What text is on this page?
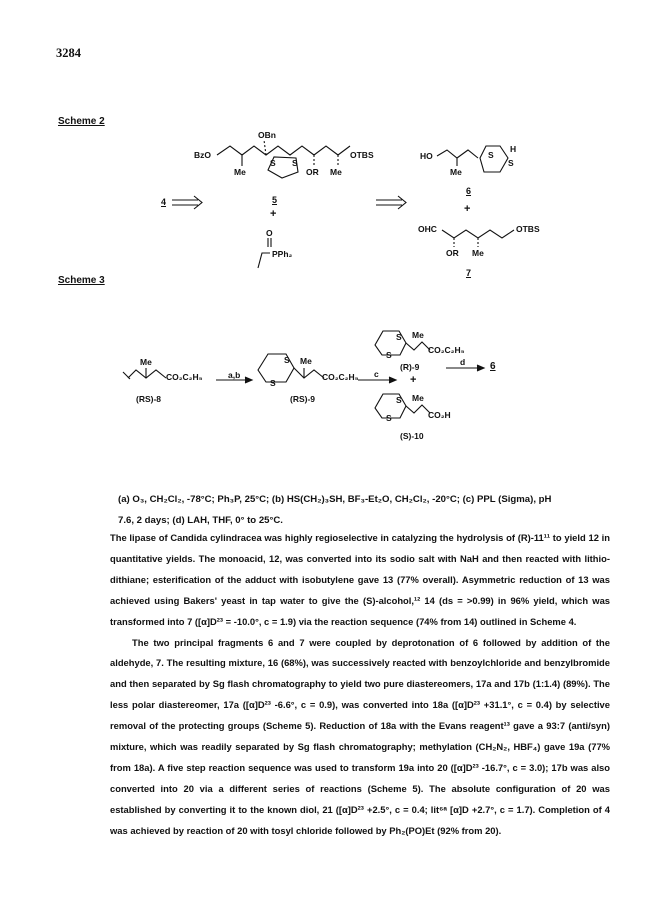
3284
Scheme 2
BzO
OBn
Me
S S
OR Me
OTBS
4	5
+
O
PPh₂
HO
H
S
S
Me
6
+
OHC	OTBS
OR Me
7
Scheme 3
Me
CO₂C₂H₅
(RS)-8
a,b
S
S
Me
CO₂C₂H₅
(RS)-9
c
S
S
Me
CO₂C₂H₅
(R)-9
+
S
S
Me
CO₂H
(S)-10
d 6
(a) O₃, CH₂Cl₂, -78°C; Ph₃P, 25°C; (b) HS(CH₂)₃SH, BF₃-Et₂O, CH₂Cl₂, -20°C; (c) PPL (Sigma), pH
7.6, 2 days; (d) LAH, THF, 0° to 25°C.

The lipase of Candida cylindracea was highly regioselective in catalyzing the hydrolysis of (R)-11¹¹ to yield 12 in quantitative yields. The monoacid, 12, was converted into its sodio salt with NaH and then reacted with lithio-dithiane; esterification of the adduct with isobutylene gave 13 (77% overall). Asymmetric reduction of 13 was achieved using Bakers' yeast in tap water to give the (S)-alcohol,¹² 14 (ds = >0.99) in 96% yield, which was transformed into 7 ([α]D²³ = -10.0°, c = 1.9) via the reaction sequence (74% from 14) outlined in Scheme 4.

The two principal fragments 6 and 7 were coupled by deprotonation of 6 followed by addition of the aldehyde, 7. The resulting mixture, 16 (68%), was successively reacted with benzoylchloride and benzylbromide and then separated by Sg flash chromatography to yield two pure diastereomers, 17a and 17b (1:1.4) (89%). The less polar diastereomer, 17a ([α]D²³ -6.6°, c = 0.9), was converted into 18a ([α]D²³ +31.1°, c = 0.4) by selective removal of the protecting groups (Scheme 5). Reduction of 18a with the Evans reagent¹³ gave a 93:7 (anti/syn) mixture, which was readily separated by Sg flash chromatography; methylation (CH₂N₂, HBF₄) gave 19a (77% from 18a). A five step reaction sequence was used to transform 19a into 20 ([α]D²³ -16.7°, c = 3.0); 17b was also converted into 20 via a different series of reactions (Scheme 5). The absolute configuration of 20 was established by converting it to the known diol, 21 ([α]D²³ +2.5°, c = 0.4; lit⁶ᵃ [α]D +2.7°, c = 1.7). Completion of 4 was achieved by reaction of 20 with tosyl chloride followed by Ph₂(PO)Et (92% from 20).
